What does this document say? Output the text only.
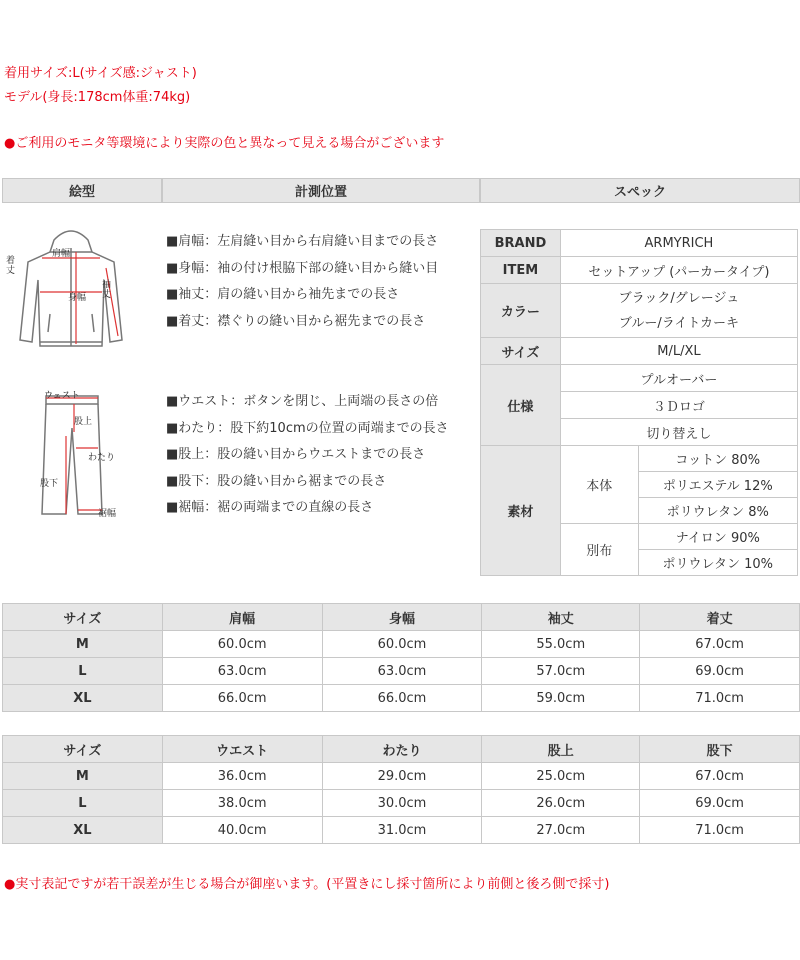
着用サイズ:L(サイズ感:ジャスト)
モデル(身長:178cm体重:74kg)
●ご利用のモニタ等環境により実際の色と異なって見える場合がございます
絵型	計測位置	スペック
肩幅
身幅
着丈
袖丈
ウェスト
股上
わたり
股下
裾幅
■肩幅：左肩縫い目から右肩縫い目までの長さ
■身幅：袖の付け根脇下部の縫い目から縫い目
■袖丈：肩の縫い目から袖先までの長さ
■着丈：襟ぐりの縫い目から裾先までの長さ
■ウエスト：ボタンを閉じ、上両端の長さの倍
■わたり：股下約10cmの位置の両端までの長さ
■股上：股の縫い目からウエストまでの長さ
■股下：股の縫い目から裾までの長さ
■裾幅：裾の両端までの直線の長さ
BRAND	ARMYRICH	
ITEM	セットアップ (パーカータイプ)	
カラー	ブラック/グレージュ
ブルー/ライトカーキ	

サイズ	M/L/XL	
仕様	プルオーバー	
	３Ｄロゴ	
	切り替えし	
素材	本体	コットン 80%
		ポリエステル 12%
		ポリウレタン 8%
	別布	ナイロン 90%
		ポリウレタン 10%
サイズ	肩幅	身幅	袖丈	着丈
M	60.0cm	60.0cm	55.0cm	67.0cm
L	63.0cm	63.0cm	57.0cm	69.0cm
XL	66.0cm	66.0cm	59.0cm	71.0cm
サイズ	ウエスト	わたり	股上	股下
M	36.0cm	29.0cm	25.0cm	67.0cm
L	38.0cm	30.0cm	26.0cm	69.0cm
XL	40.0cm	31.0cm	27.0cm	71.0cm
●実寸表記ですが若干誤差が生じる場合が御座います。(平置きにし採寸箇所により前側と後ろ側で採寸)
